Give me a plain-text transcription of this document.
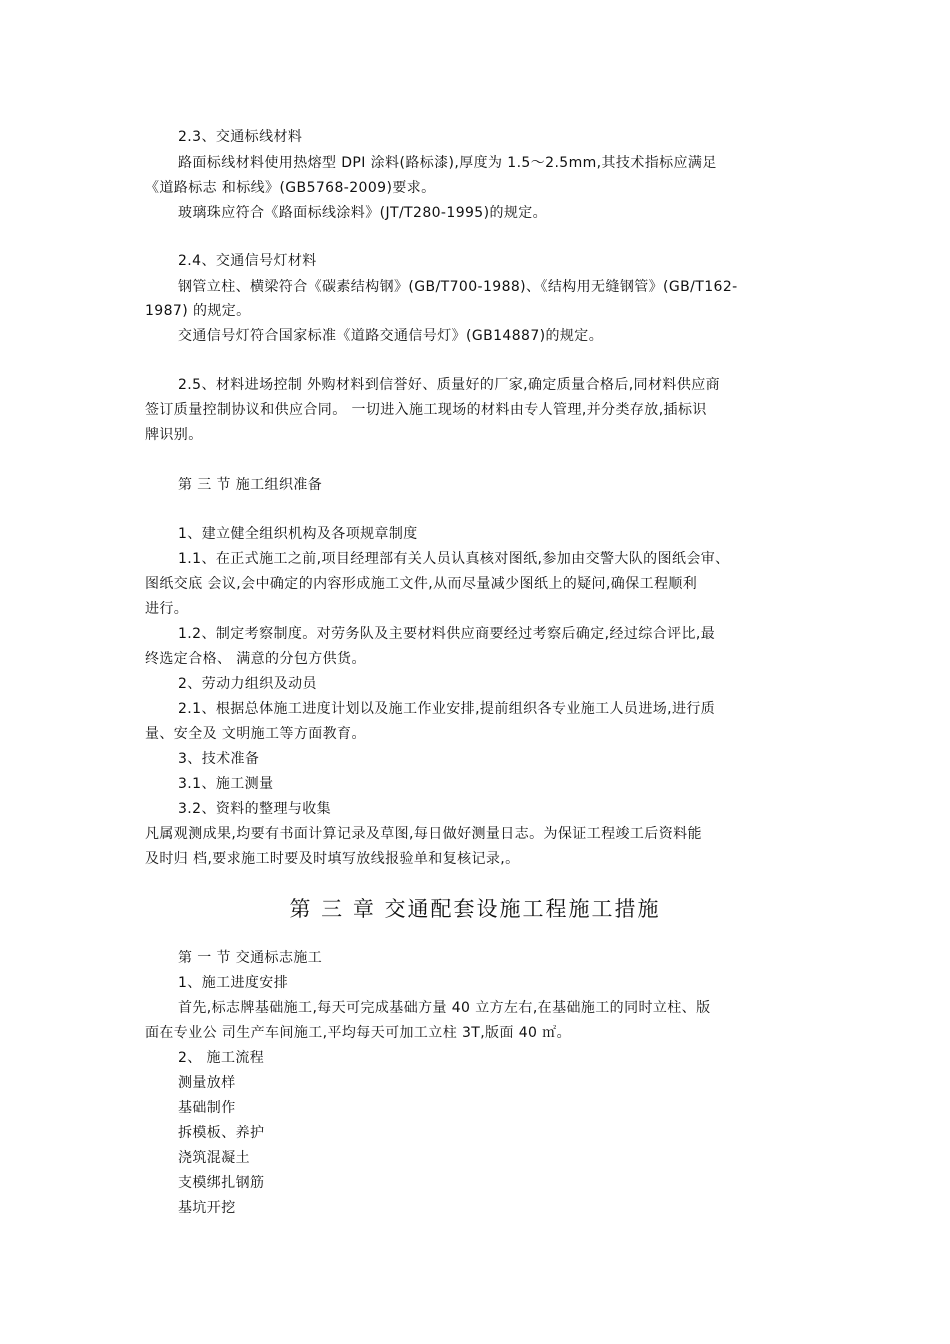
2.3、交通标线材料
路面标线材料使用热熔型 DPI 涂料(路标漆),厚度为 1.5～2.5mm,其技术指标应满足
《道路标志 和标线》(GB5768-2009)要求。
玻璃珠应符合《路面标线涂料》(JT/T280-1995)的规定。
2.4、交通信号灯材料
钢管立柱、横梁符合《碳素结构钢》(GB/T700-1988)、《结构用无缝钢管》(GB/T162-
1987) 的规定。
交通信号灯符合国家标准《道路交通信号灯》(GB14887)的规定。
2.5、材料进场控制 外购材料到信誉好、质量好的厂家,确定质量合格后,同材料供应商
签订质量控制协议和供应合同。 一切进入施工现场的材料由专人管理,并分类存放,插标识
牌识别。
第 三 节 施工组织准备
1、建立健全组织机构及各项规章制度
1.1、在正式施工之前,项目经理部有关人员认真核对图纸,参加由交警大队的图纸会审、
图纸交底 会议,会中确定的内容形成施工文件,从而尽量减少图纸上的疑问,确保工程顺利
进行。
1.2、制定考察制度。对劳务队及主要材料供应商要经过考察后确定,经过综合评比,最
终选定合格、 满意的分包方供货。
2、劳动力组织及动员
2.1、根据总体施工进度计划以及施工作业安排,提前组织各专业施工人员进场,进行质
量、安全及 文明施工等方面教育。
3、技术准备
3.1、施工测量
3.2、资料的整理与收集
凡属观测成果,均要有书面计算记录及草图,每日做好测量日志。为保证工程竣工后资料能
及时归 档,要求施工时要及时填写放线报验单和复核记录,。
第 三 章 交通配套设施工程施工措施
第 一 节 交通标志施工
1、施工进度安排
首先,标志牌基础施工,每天可完成基础方量 40 立方左右,在基础施工的同时立柱、版
面在专业公 司生产车间施工,平均每天可加工立柱 3T,版面 40 ㎡。
2、 施工流程
测量放样
基础制作
拆模板、养护
浇筑混凝土
支模绑扎钢筋
基坑开挖
